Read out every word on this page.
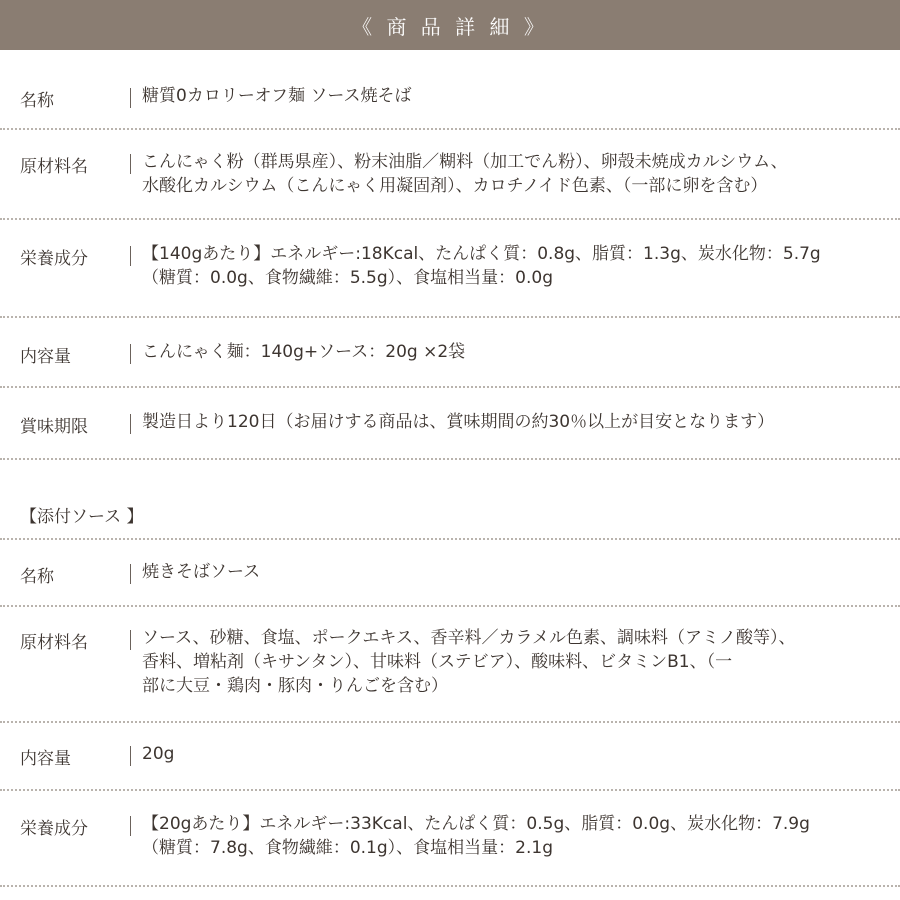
《 商 品 詳 細 》
名称	糖質0カロリーオフ麺 ソース焼そば
原材料名	こんにゃく粉（群馬県産）、粉末油脂／糊料（加工でん粉）、卵殻未焼成カルシウム、
水酸化カルシウム（こんにゃく用凝固剤）、カロチノイド色素、（一部に卵を含む）
栄養成分	【140gあたり】エネルギー:18Kcal、たんぱく質：0.8g、脂質：1.3g、炭水化物：5.7g
（糖質：0.0g、食物繊維：5.5g）、食塩相当量：0.0g
内容量	こんにゃく麺：140g+ソース：20g ×2袋
賞味期限	製造日より120日（お届けする商品は、賞味期間の約30％以上が目安となります）
【添付ソース 】
名称	焼きそばソース
原材料名	ソース、砂糖、食塩、ポークエキス、香辛料／カラメル色素、調味料（アミノ酸等）、
香料、増粘剤（キサンタン）、甘味料（ステビア）、酸味料、ビタミンB1、（一
部に大豆・鶏肉・豚肉・りんごを含む）
内容量	20g
栄養成分	【20gあたり】エネルギー:33Kcal、たんぱく質：0.5g、脂質：0.0g、炭水化物：7.9g
（糖質：7.8g、食物繊維：0.1g）、食塩相当量：2.1g
